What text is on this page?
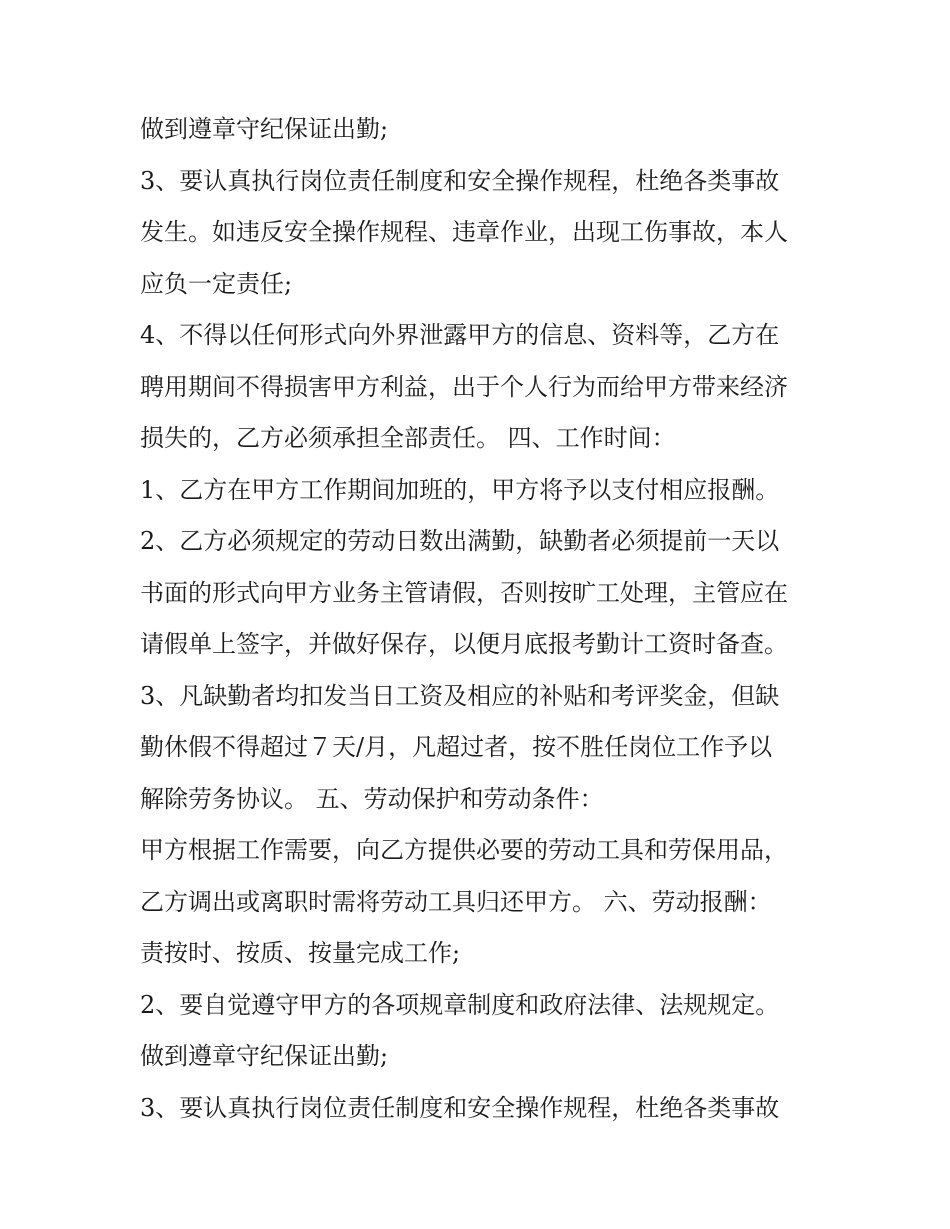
做到遵章守纪保证出勤;
3、要认真执行岗位责任制度和安全操作规程，杜绝各类事故
发生。如违反安全操作规程、违章作业，出现工伤事故，本人
应负一定责任;
4、不得以任何形式向外界泄露甲方的信息、资料等，乙方在
聘用期间不得损害甲方利益，出于个人行为而给甲方带来经济
损失的，乙方必须承担全部责任。 四、工作时间：
1、乙方在甲方工作期间加班的，甲方将予以支付相应报酬。
2、乙方必须规定的劳动日数出满勤，缺勤者必须提前一天以
书面的形式向甲方业务主管请假，否则按旷工处理，主管应在
请假单上签字，并做好保存，以便月底报考勤计工资时备查。
3、凡缺勤者均扣发当日工资及相应的补贴和考评奖金，但缺
勤休假不得超过７天/月，凡超过者，按不胜任岗位工作予以
解除劳务协议。 五、劳动保护和劳动条件：
甲方根据工作需要，向乙方提供必要的劳动工具和劳保用品，
乙方调出或离职时需将劳动工具归还甲方。 六、劳动报酬：
责按时、按质、按量完成工作;
2、要自觉遵守甲方的各项规章制度和政府法律、法规规定。
做到遵章守纪保证出勤;
3、要认真执行岗位责任制度和安全操作规程，杜绝各类事故
